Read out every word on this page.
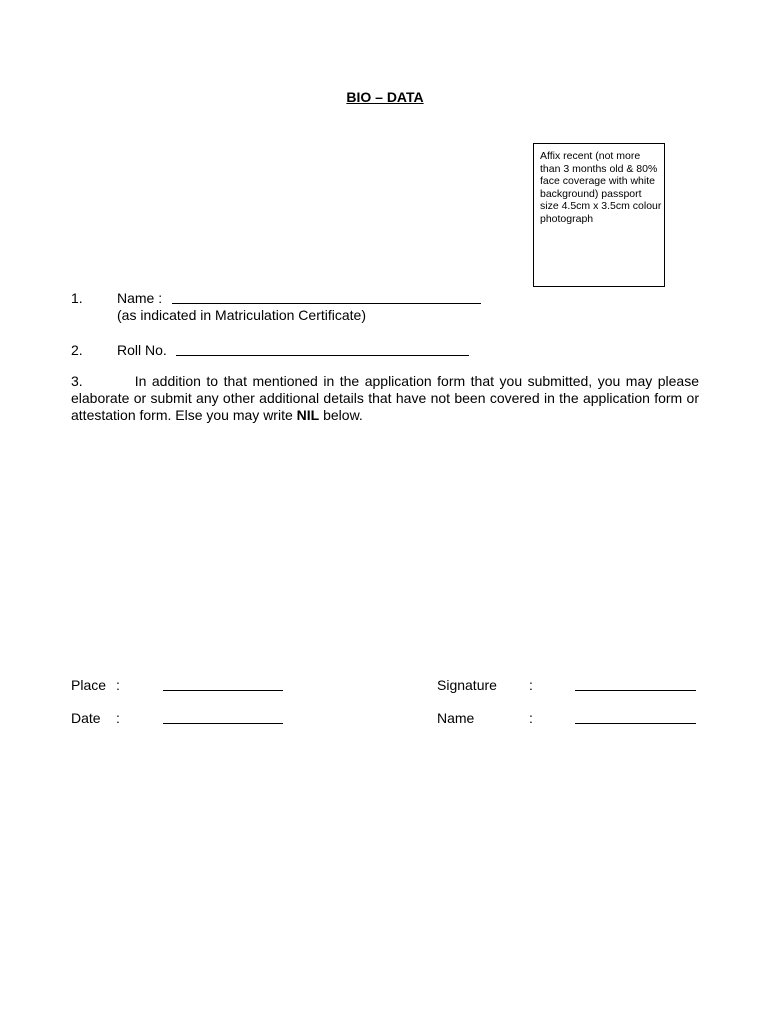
BIO – DATA
Affix recent (not more than 3 months old & 80% face coverage with white background) passport size 4.5cm x 3.5cm colour photograph
1. Name :
(as indicated in Matriculation Certificate)
2. Roll No.
3.	In addition to that mentioned in the application form that you submitted, you may please elaborate or submit any other additional details that have not been covered in the application form or attestation form. Else you may write NIL below.
Place :
Date :
Signature :
Name	:
